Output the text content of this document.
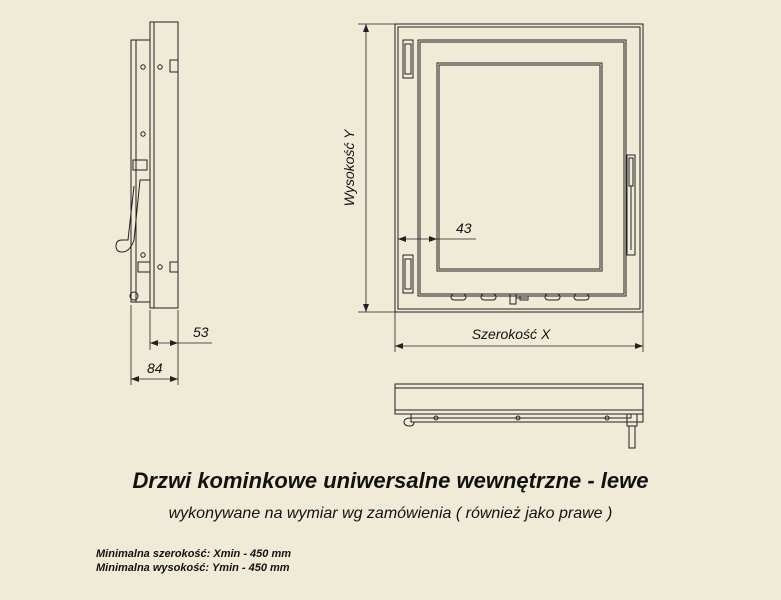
Wysokość Y
Szerokość X
43
53
84
Drzwi kominkowe uniwersalne wewnętrzne - lewe
wykonywane na wymiar wg zamówienia ( również jako prawe )
Minimalna szerokość: Xmin - 450 mm
Minimalna wysokość: Ymin - 450 mm
